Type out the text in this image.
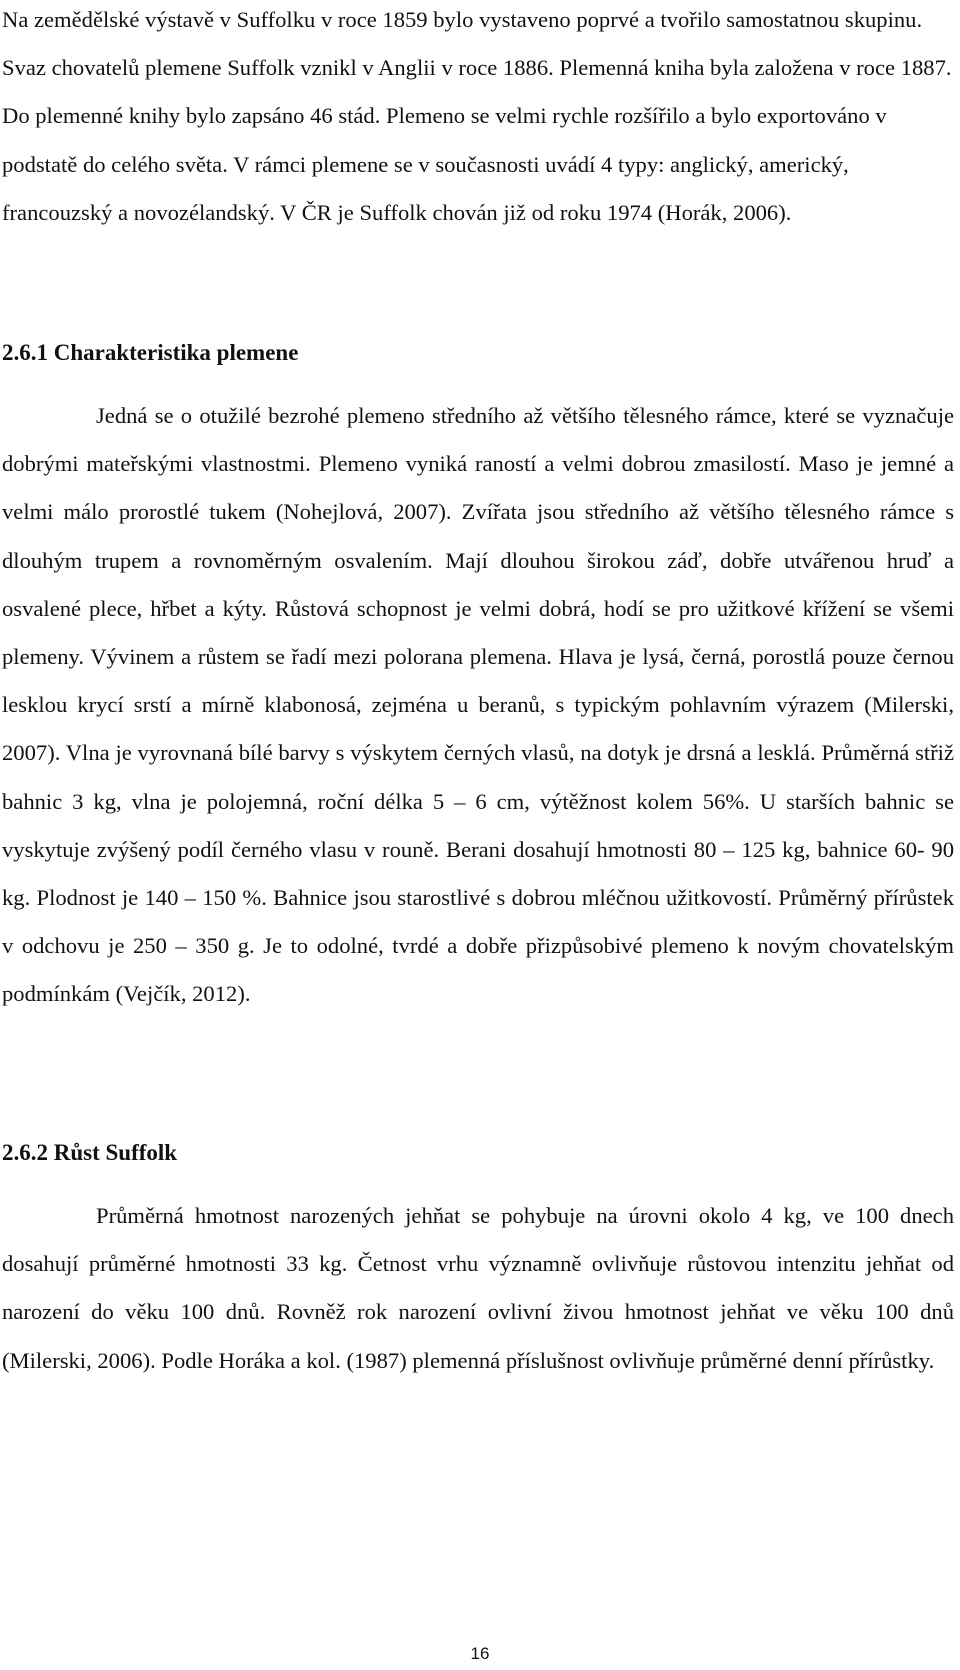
Na zemědělské výstavě v Suffolku v roce 1859 bylo vystaveno poprvé a tvořilo samostatnou skupinu. Svaz chovatelů plemene Suffolk vznikl v Anglii v roce 1886. Plemenná kniha byla založena v roce 1887. Do plemenné knihy bylo zapsáno 46 stád. Plemeno se velmi rychle rozšířilo a bylo exportováno v podstatě do celého světa. V rámci plemene se v současnosti uvádí 4 typy: anglický, americký, francouzský a novozélandský. V ČR je Suffolk chován již od roku 1974 (Horák, 2006).

2.6.1 Charakteristika plemene

Jedná se o otužilé bezrohé plemeno středního až většího tělesného rámce, které se vyznačuje dobrými mateřskými vlastnostmi. Plemeno vyniká raností a velmi dobrou zmasilostí. Maso je jemné a velmi málo prorostlé tukem (Nohejlová, 2007). Zvířata jsou středního až většího tělesného rámce s dlouhým trupem a rovnoměrným osvalením. Mají dlouhou širokou záď, dobře utvářenou hruď a osvalené plece, hřbet a kýty. Růstová schopnost je velmi dobrá, hodí se pro užitkové křížení se všemi plemeny. Vývinem a růstem se řadí mezi polorana plemena. Hlava je lysá, černá, porostlá pouze černou lesklou krycí srstí a mírně klabonosá, zejména u beranů, s typickým pohlavním výrazem (Milerski, 2007). Vlna je vyrovnaná bílé barvy s výskytem černých vlasů, na dotyk je drsná a lesklá. Průměrná střiž bahnic 3 kg, vlna je polojemná, roční délka 5 – 6 cm, výtěžnost kolem 56%. U starších bahnic se vyskytuje zvýšený podíl černého vlasu v rouně. Berani dosahují hmotnosti 80 – 125 kg, bahnice 60- 90 kg. Plodnost je 140 – 150 %. Bahnice jsou starostlivé s dobrou mléčnou užitkovostí. Průměrný přírůstek v odchovu je 250 – 350 g. Je to odolné, tvrdé a dobře přizpůsobivé plemeno k novým chovatelským podmínkám (Vejčík, 2012).

2.6.2 Růst Suffolk

Průměrná hmotnost narozených jehňat se pohybuje na úrovni okolo 4 kg, ve 100 dnech dosahují průměrné hmotnosti 33 kg. Četnost vrhu významně ovlivňuje růstovou intenzitu jehňat od narození do věku 100 dnů. Rovněž rok narození ovlivní živou hmotnost jehňat ve věku 100 dnů (Milerski, 2006). Podle Horáka a kol. (1987) plemenná příslušnost ovlivňuje průměrné denní přírůstky.

16
